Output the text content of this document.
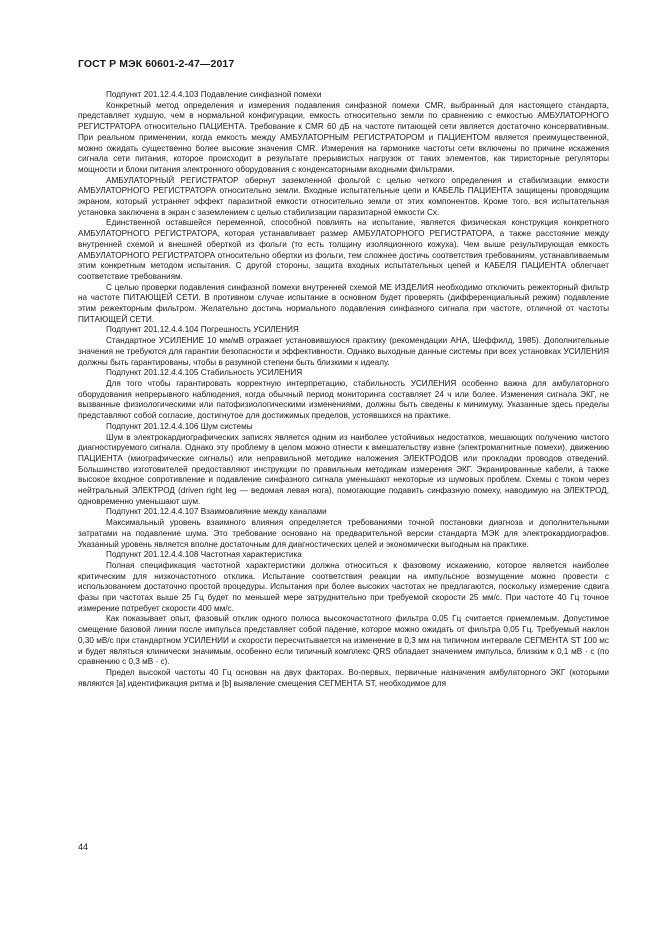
ГОСТ Р МЭК 60601-2-47—2017

Подпункт 201.12.4.4.103 Подавление синфазной помехи

Конкретный метод определения и измерения подавления синфазной помехи CMR, выбранный для настоящего стандарта, представляет худшую, чем в нормальной конфигурации, емкость относительно земли по сравнению с емкостью АМБУЛАТОРНОГО РЕГИСТРАТОРА относительно ПАЦИЕНТА. Требование к CMR 60 дБ на частоте питающей сети является достаточно консервативным. При реальном применении, когда емкость между АМБУЛАТОРНЫМ РЕГИСТРАТОРОМ и ПАЦИЕНТОМ является преимущественной, можно ожидать существенно более высокие значения CMR. Измерения на гармонике частоты сети включены по причине искажения сигнала сети питания, которое происходит в результате прерывистых нагрузок от таких элементов, как тиристорные регуляторы мощности и блоки питания электронного оборудования с конденсаторными входными фильтрами.

АМБУЛАТОРНЫЙ РЕГИСТРАТОР обернут заземленной фольгой с целью четкого определения и стабилизации емкости АМБУЛАТОРНОГО РЕГИСТРАТОРА относительно земли. Входные испытательные цепи и КАБЕЛЬ ПАЦИЕНТА защищены проводящим экраном, который устраняет эффект паразитной емкости относительно земли от этих компонентов. Кроме того, вся испытательная установка заключена в экран с заземлением с целью стабилизации паразитарной емкости Сх.

Единственной оставшейся переменной, способной повлиять на испытание, является физическая конструкция конкретного АМБУЛАТОРНОГО РЕГИСТРАТОРА, которая устанавливает размер АМБУЛАТОРНОГО РЕГИСТРАТОРА, а также расстояние между внутренней схемой и внешней оберткой из фольги (то есть толщину изоляционного кожуха). Чем выше результирующая емкость АМБУЛАТОРНОГО РЕГИСТРАТОРА относительно обертки из фольги, тем сложнее достичь соответствия требованиям, устанавливаемым этим конкретным методом испытания. С другой стороны, защита входных испытательных цепей и КАБЕЛЯ ПАЦИЕНТА облегчает соответствие требованиям.

С целью проверки подавления синфазной помехи внутренней схемой МЕ ИЗДЕЛИЯ необходимо отключить режекторный фильтр на частоте ПИТАЮЩЕЙ СЕТИ. В противном случае испытание в основном будет проверять (дифференциальный режим) подавление этим режекторным фильтром. Желательно достичь нормального подавления синфазного сигнала при частоте, отличной от частоты ПИТАЮЩЕЙ СЕТИ.

Подпункт 201.12.4.4.104 Погрешность УСИЛЕНИЯ

Стандартное УСИЛЕНИЕ 10 мм/мВ отражает установившуюся практику (рекомендации АНА, Шеффилд, 1985). Дополнительные значения не требуются для гарантии безопасности и эффективности. Однако выходные данные системы при всех установках УСИЛЕНИЯ должны быть гарантированы, чтобы в разумной степени быть близкими к идеалу.

Подпункт 201.12.4.4.105 Стабильность УСИЛЕНИЯ

Для того чтобы гарантировать корректную интерпретацию, стабильность УСИЛЕНИЯ особенно важна для амбулаторного оборудования непрерывного наблюдения, когда обычный период мониторинга составляет 24 ч или более. Изменения сигнала ЭКГ, не вызванные физиологическими или патофизиологическими изменениями, должны быть сведены к минимуму. Указанные здесь пределы представляют собой согласие, достигнутое для достижимых пределов, устоявшихся на практике.

Подпункт 201.12.4.4.106 Шум системы

Шум в электрокардиографических записях является одним из наиболее устойчивых недостатков, мешающих получению чистого диагностируемого сигнала. Однако эту проблему в целом можно отнести к вмешательству извне (электромагнитные помехи), движению ПАЦИЕНТА (миографические сигналы) или неправильной методике наложения ЭЛЕКТРОДОВ или прокладки проводов отведений. Большинство изготовителей предоставляют инструкции по правильным методикам измерения ЭКГ. Экранированные кабели, а также высокое входное сопротивление и подавление синфазного сигнала уменьшают некоторые из шумовых проблем. Схемы с током через нейтральный ЭЛЕКТРОД (driven right leg — ведомая левая нога), помогающие подавить синфазную помеху, наводимую на ЭЛЕКТРОД, одновременно уменьшают шум.

Подпункт 201.12.4.4.107 Взаимовлияние между каналами

Максимальный уровень взаимного влияния определяется требованиями точной постановки диагноза и дополнительными затратами на подавление шума. Это требование основано на предварительной версии стандарта МЭК для электрокардиографов. Указанный уровень является вполне достаточным для диагностических целей и экономически выгодным на практике.

Подпункт 201.12.4.4.108 Частотная характеристика

Полная спецификация частотной характеристики должна относиться к фазовому искажению, которое является наиболее критическим для низкочастотного отклика. Испытание соответствия реакции на импульсное возмущение можно провести с использованием достаточно простой процедуры. Испытания при более высоких частотах не предлагаются, поскольку измерение сдвига фазы при частотах выше 25 Гц будет по меньшей мере затруднительно при требуемой скорости 25 мм/с. При частоте 40 Гц точное измерение потребует скорости 400 мм/с.

Как показывает опыт, фазовый отклик одного полюса высокочастотного фильтра 0,05 Гц считается приемлемым. Допустимое смещение базовой линии после импульса представляет собой падение, которое можно ожидать от фильтра 0,05 Гц. Требуемый наклон 0,30 мВ/с при стандартном УСИЛЕНИИ и скорости пересчитывается на изменение в 0,3 мм на типичном интервале СЕГМЕНТА ST 100 мс и будет являться клинически значимым, особенно если типичный комплекс QRS обладает значением импульса, близким к 0,1 мВ · с (по сравнению с 0,3 мВ · с).

Предел высокой частоты 40 Гц основан на двух факторах. Во-первых, первичные назначения амбулаторного ЭКГ (которыми являются [a] идентификация ритма и [b] выявление смещения СЕГМЕНТА ST, необходимое для

44
